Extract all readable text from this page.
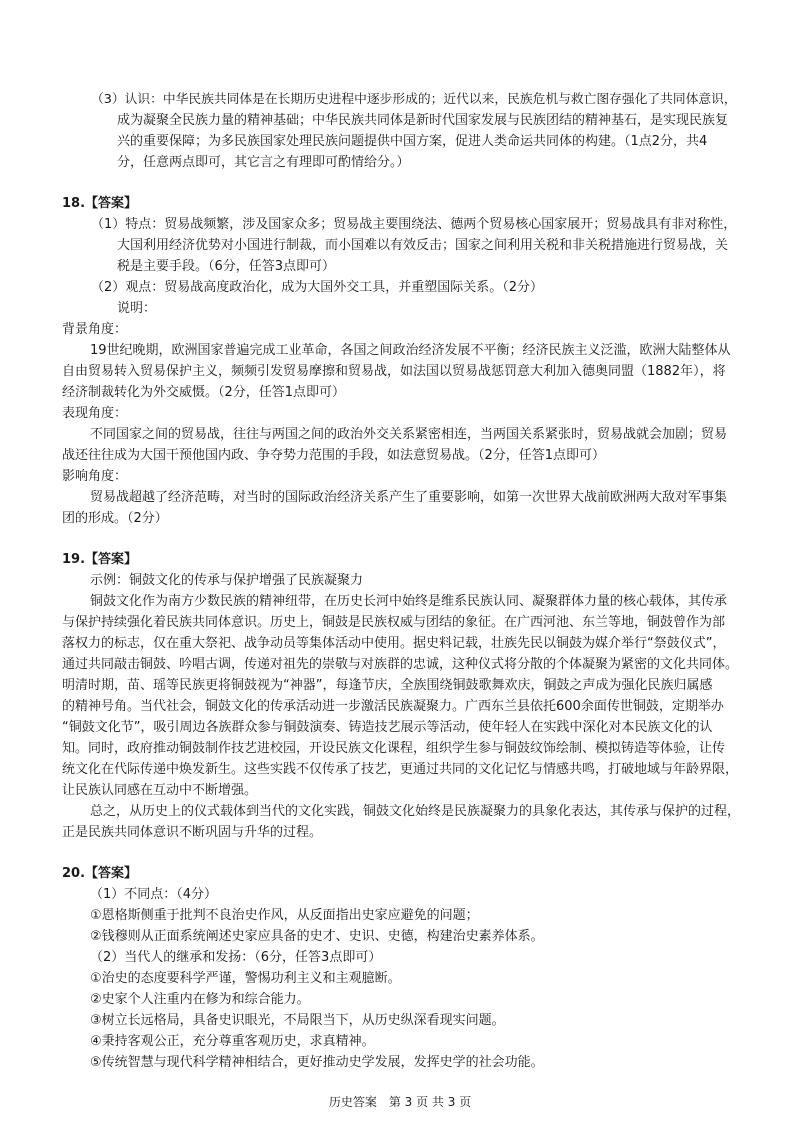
（3）认识：中华民族共同体是在长期历史进程中逐步形成的；近代以来，民族危机与救亡图存强化了共同体意识，
成为凝聚全民族力量的精神基础；中华民族共同体是新时代国家发展与民族团结的精神基石，是实现民族复
兴的重要保障；为多民族国家处理民族问题提供中国方案，促进人类命运共同体的构建。（1点2分，共4
分，任意两点即可，其它言之有理即可酌情给分。）
18.【答案】
（1）特点：贸易战频繁，涉及国家众多；贸易战主要围绕法、德两个贸易核心国家展开；贸易战具有非对称性，
大国利用经济优势对小国进行制裁，而小国难以有效反击；国家之间利用关税和非关税措施进行贸易战，关
税是主要手段。（6分，任答3点即可）
（2）观点：贸易战高度政治化，成为大国外交工具，并重塑国际关系。（2分）
说明：
背景角度：
19世纪晚期，欧洲国家普遍完成工业革命，各国之间政治经济发展不平衡；经济民族主义泛滥，欧洲大陆整体从
自由贸易转入贸易保护主义，频频引发贸易摩擦和贸易战，如法国以贸易战惩罚意大利加入德奥同盟（1882年），将
经济制裁转化为外交威慑。（2分，任答1点即可）
表现角度：
不同国家之间的贸易战，往往与两国之间的政治外交关系紧密相连，当两国关系紧张时，贸易战就会加剧；贸易
战还往往成为大国干预他国内政、争夺势力范围的手段，如法意贸易战。（2分，任答1点即可）
影响角度：
贸易战超越了经济范畴，对当时的国际政治经济关系产生了重要影响，如第一次世界大战前欧洲两大敌对军事集
团的形成。（2分）
19.【答案】
示例：铜鼓文化的传承与保护增强了民族凝聚力
铜鼓文化作为南方少数民族的精神纽带，在历史长河中始终是维系民族认同、凝聚群体力量的核心载体，其传承
与保护持续强化着民族共同体意识。历史上，铜鼓是民族权威与团结的象征。在广西河池、东兰等地，铜鼓曾作为部
落权力的标志，仅在重大祭祀、战争动员等集体活动中使用。据史料记载，壮族先民以铜鼓为媒介举行“祭鼓仪式”，
通过共同敲击铜鼓、吟唱古调，传递对祖先的崇敬与对族群的忠诚，这种仪式将分散的个体凝聚为紧密的文化共同体。
明清时期，苗、瑶等民族更将铜鼓视为“神器”，每逢节庆，全族围绕铜鼓歌舞欢庆，铜鼓之声成为强化民族归属感
的精神号角。当代社会，铜鼓文化的传承活动进一步激活民族凝聚力。广西东兰县依托600余面传世铜鼓，定期举办
“铜鼓文化节”，吸引周边各族群众参与铜鼓演奏、铸造技艺展示等活动，使年轻人在实践中深化对本民族文化的认
知。同时，政府推动铜鼓制作技艺进校园，开设民族文化课程，组织学生参与铜鼓纹饰绘制、模拟铸造等体验，让传
统文化在代际传递中焕发新生。这些实践不仅传承了技艺，更通过共同的文化记忆与情感共鸣，打破地域与年龄界限，
让民族认同感在互动中不断增强。
总之，从历史上的仪式载体到当代的文化实践，铜鼓文化始终是民族凝聚力的具象化表达，其传承与保护的过程，
正是民族共同体意识不断巩固与升华的过程。
20.【答案】
（1）不同点：（4分）
①恩格斯侧重于批判不良治史作风，从反面指出史家应避免的问题；
②钱穆则从正面系统阐述史家应具备的史才、史识、史德，构建治史素养体系。
（2）当代人的继承和发扬：（6分，任答3点即可）
①治史的态度要科学严谨，警惕功利主义和主观臆断。
②史家个人注重内在修为和综合能力。
③树立长远格局，具备史识眼光，不局限当下，从历史纵深看现实问题。
④秉持客观公正，充分尊重客观历史，求真精神。
⑤传统智慧与现代科学精神相结合，更好推动史学发展，发挥史学的社会功能。
历史答案　第 3 页 共 3 页
